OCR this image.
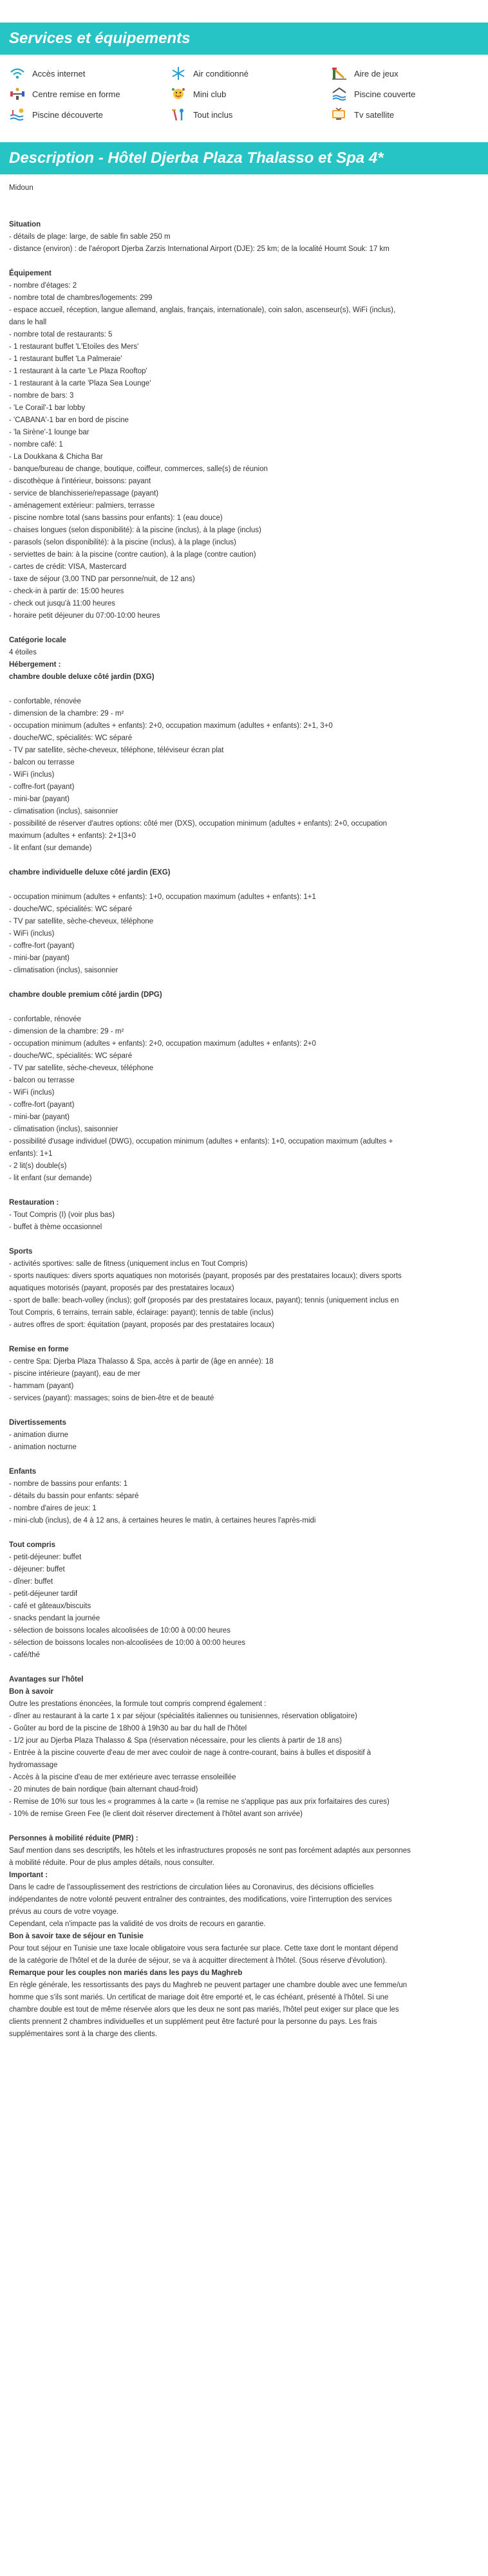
Services et équipements
Accès internet	Air conditionné	Aire de jeux
Centre remise en forme	Mini club	Piscine couverte
Piscine découverte	Tout inclus	Tv satellite
Description - Hôtel Djerba Plaza Thalasso et Spa 4*

Midoun

Situation

- détails de plage: large, de sable fin sable 250 m

- distance (environ) : de l'aéroport Djerba Zarzis International Airport (DJE): 25 km; de la localité Houmt Souk: 17 km

Équipement

- nombre d'étages: 2

- nombre total de chambres/logements: 299

- espace accueil, réception, langue allemand, anglais, français, internationale), coin salon, ascenseur(s), WiFi (inclus),

dans le hall

- nombre total de restaurants: 5

- 1 restaurant buffet 'L'Etoiles des Mers'

- 1 restaurant buffet 'La Palmeraie'

- 1 restaurant à la carte 'Le Plaza Rooftop'

- 1 restaurant à la carte 'Plaza Sea Lounge'

- nombre de bars: 3

- 'Le Corail'-1 bar lobby

- 'CABANA'-1 bar en bord de piscine

- 'la Sirène'-1 lounge bar

- nombre café: 1

- La Doukkana & Chicha Bar

- banque/bureau de change, boutique, coiffeur, commerces, salle(s) de réunion

- discothèque à l'intérieur, boissons: payant

- service de blanchisserie/repassage (payant)

- aménagement extérieur: palmiers, terrasse

- piscine nombre total (sans bassins pour enfants): 1 (eau douce)

- chaises longues (selon disponibilité): à la piscine (inclus), à la plage (inclus)

- parasols (selon disponibilité): à la piscine (inclus), à la plage (inclus)

- serviettes de bain: à la piscine (contre caution), à la plage (contre caution)

- cartes de crédit: VISA, Mastercard

- taxe de séjour (3,00 TND par personne/nuit, de 12 ans)

- check-in à partir de: 15:00 heures

- check out jusqu'à 11:00 heures

- horaire petit déjeuner du 07:00-10:00 heures

Catégorie locale

4 étoiles

Hébergement :

chambre double deluxe côté jardin (DXG)

- confortable, rénovée

- dimension de la chambre: 29 - m²

- occupation minimum (adultes + enfants): 2+0, occupation maximum (adultes + enfants): 2+1, 3+0

- douche/WC, spécialités: WC séparé

- TV par satellite, sèche-cheveux, téléphone, téléviseur écran plat

- balcon ou terrasse

- WiFi (inclus)

- coffre-fort (payant)

- mini-bar (payant)

- climatisation (inclus), saisonnier

- possibilité de réserver d'autres options: côté mer (DXS), occupation minimum (adultes + enfants): 2+0, occupation

maximum (adultes + enfants): 2+1|3+0

- lit enfant (sur demande)

chambre individuelle deluxe côté jardin (EXG)

- occupation minimum (adultes + enfants): 1+0, occupation maximum (adultes + enfants): 1+1

- douche/WC, spécialités: WC séparé

- TV par satellite, sèche-cheveux, téléphone

- WiFi (inclus)

- coffre-fort (payant)

- mini-bar (payant)

- climatisation (inclus), saisonnier

chambre double premium côté jardin (DPG)

- confortable, rénovée

- dimension de la chambre: 29 - m²

- occupation minimum (adultes + enfants): 2+0, occupation maximum (adultes + enfants): 2+0

- douche/WC, spécialités: WC séparé

- TV par satellite, sèche-cheveux, téléphone

- balcon ou terrasse

- WiFi (inclus)

- coffre-fort (payant)

- mini-bar (payant)

- climatisation (inclus), saisonnier

- possibilité d'usage individuel (DWG), occupation minimum (adultes + enfants): 1+0, occupation maximum (adultes +

enfants): 1+1

- 2 lit(s) double(s)

- lit enfant (sur demande)

Restauration :

- Tout Compris (I) (voir plus bas)

- buffet à thème occasionnel

Sports

- activités sportives: salle de fitness (uniquement inclus en Tout Compris)

- sports nautiques: divers sports aquatiques non motorisés (payant, proposés par des prestataires locaux); divers sports

aquatiques motorisés (payant, proposés par des prestataires locaux)

- sport de balle: beach-volley (inclus); golf (proposés par des prestataires locaux, payant); tennis (uniquement inclus en

Tout Compris, 6 terrains, terrain sable, éclairage: payant); tennis de table (inclus)

- autres offres de sport: équitation (payant, proposés par des prestataires locaux)

Remise en forme

- centre Spa: Djerba Plaza Thalasso & Spa, accès à partir de (âge en année): 18

- piscine intérieure (payant), eau de mer

- hammam (payant)

- services (payant): massages; soins de bien-être et de beauté

Divertissements

- animation diurne

- animation nocturne

Enfants

- nombre de bassins pour enfants: 1

- détails du bassin pour enfants: séparé

- nombre d'aires de jeux: 1

- mini-club (inclus), de 4 à 12 ans, à certaines heures le matin, à certaines heures l'après-midi

Tout compris

- petit-déjeuner: buffet

- déjeuner: buffet

- dîner: buffet

- petit-déjeuner tardif

- café et gâteaux/biscuits

- snacks pendant la journée

- sélection de boissons locales alcoolisées de 10:00 à 00:00 heures

- sélection de boissons locales non-alcoolisées de 10:00 à 00:00 heures

- café/thé

Avantages sur l'hôtel

Bon à savoir

Outre les prestations énoncées, la formule tout compris comprend également :

- dîner au restaurant à la carte 1 x par séjour (spécialités italiennes ou tunisiennes, réservation obligatoire)

- Goûter au bord de la piscine de 18h00 à 19h30 au bar du hall de l'hôtel

- 1/2 jour au Djerba Plaza Thalasso & Spa (réservation nécessaire, pour les clients à partir de 18 ans)

- Entrée à la piscine couverte d'eau de mer avec couloir de nage à contre-courant, bains à bulles et dispositif à

hydromassage

- Accès à la piscine d'eau de mer extérieure avec terrasse ensoleillée

- 20 minutes de bain nordique (bain alternant chaud-froid)

- Remise de 10% sur tous les « programmes à la carte » (la remise ne s'applique pas aux prix forfaitaires des cures)

- 10% de remise Green Fee (le client doit réserver directement à l'hôtel avant son arrivée)

Personnes à mobilité réduite (PMR) :

Sauf mention dans ses descriptifs, les hôtels et les infrastructures proposés ne sont pas forcément adaptés aux personnes

à mobilité réduite. Pour de plus amples détails, nous consulter.

Important :

Dans le cadre de l'assouplissement des restrictions de circulation liées au Coronavirus, des décisions officielles

indépendantes de notre volonté peuvent entraîner des contraintes, des modifications, voire l'interruption des services

prévus au cours de votre voyage.

Cependant, cela n'impacte pas la validité de vos droits de recours en garantie.

Bon à savoir taxe de séjour en Tunisie

Pour tout séjour en Tunisie une taxe locale obligatoire vous sera facturée sur place. Cette taxe dont le montant dépend

de la catégorie de l'hôtel et de la durée de séjour, se va à acquitter directement à l'hôtel. (Sous réserve d'évolution).

Remarque pour les couples non mariés dans les pays du Maghreb

En règle générale, les ressortissants des pays du Maghreb ne peuvent partager une chambre double avec une femme/un

homme que s'ils sont mariés. Un certificat de mariage doit être emporté et, le cas échéant, présenté à l'hôtel. Si une

chambre double est tout de même réservée alors que les deux ne sont pas mariés, l'hôtel peut exiger sur place que les

clients prennent 2 chambres individuelles et un supplément peut être facturé pour la personne du pays. Les frais

supplémentaires sont à la charge des clients.
